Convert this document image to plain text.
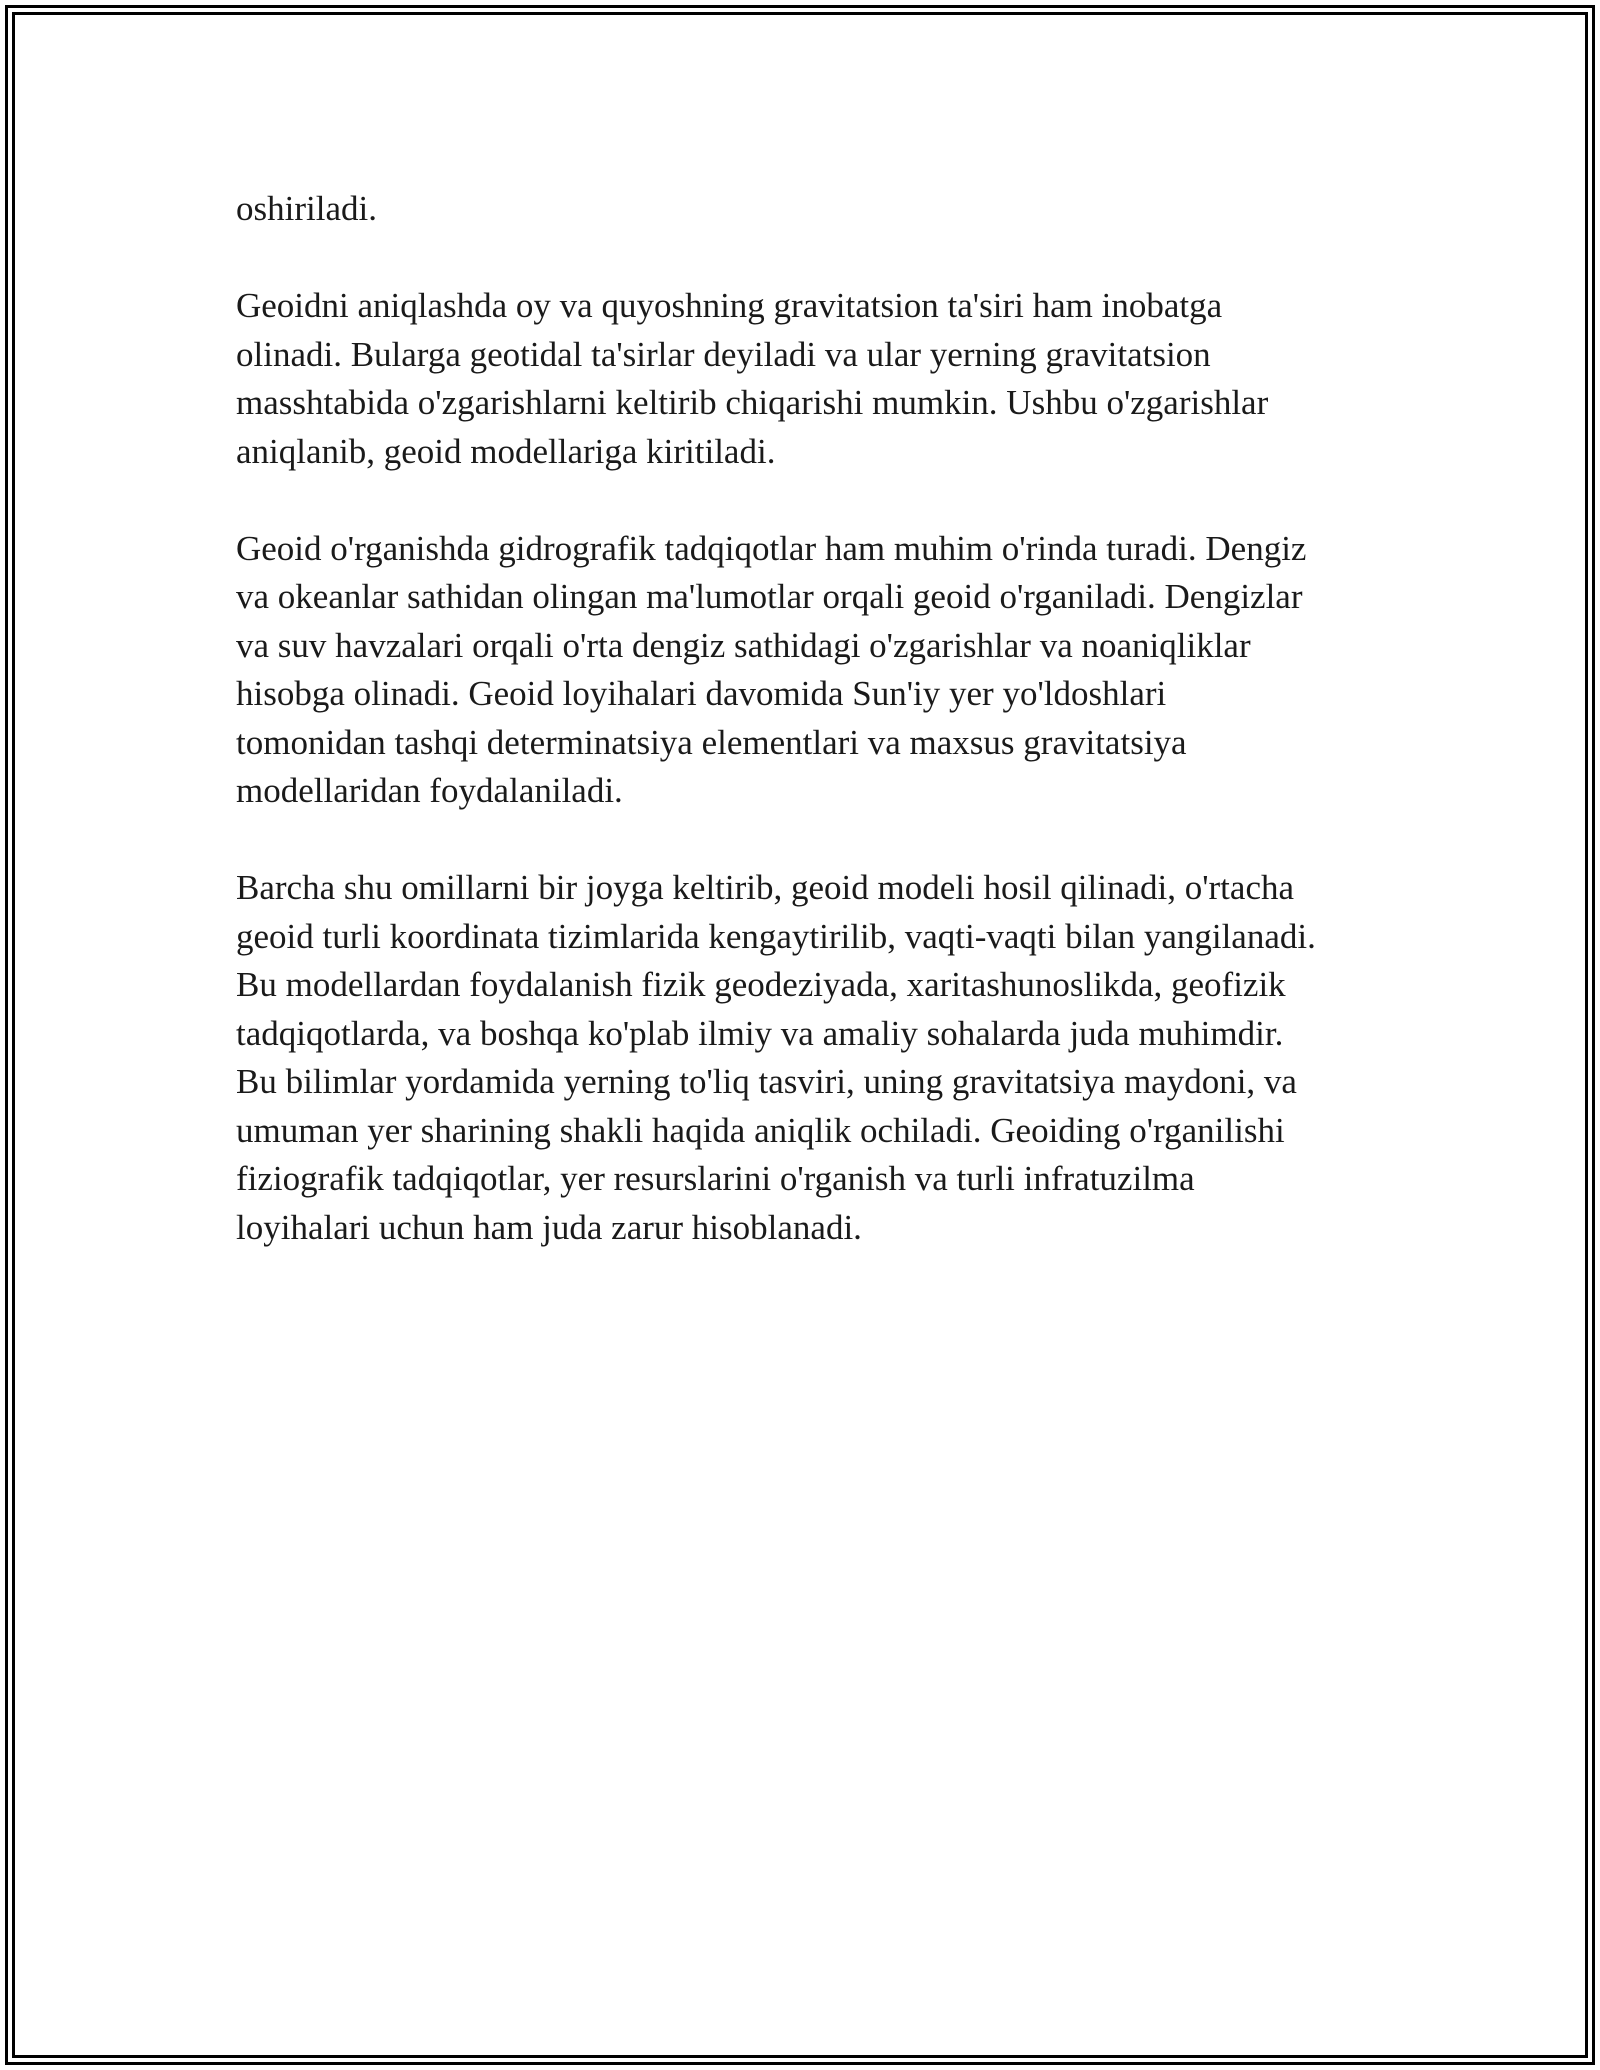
oshiriladi.

Geoidni aniqlashda oy va quyoshning gravitatsion ta'siri ham inobatga
olinadi. Bularga geotidal ta'sirlar deyiladi va ular yerning gravitatsion
masshtabida o'zgarishlarni keltirib chiqarishi mumkin. Ushbu o'zgarishlar
aniqlanib, geoid modellariga kiritiladi.

Geoid o'rganishda gidrografik tadqiqotlar ham muhim o'rinda turadi. Dengiz
va okeanlar sathidan olingan ma'lumotlar orqali geoid o'rganiladi. Dengizlar
va suv havzalari orqali o'rta dengiz sathidagi o'zgarishlar va noaniqliklar
hisobga olinadi. Geoid loyihalari davomida Sun'iy yer yo'ldoshlari
tomonidan tashqi determinatsiya elementlari va maxsus gravitatsiya
modellaridan foydalaniladi.

Barcha shu omillarni bir joyga keltirib, geoid modeli hosil qilinadi, o'rtacha
geoid turli koordinata tizimlarida kengaytirilib, vaqti-vaqti bilan yangilanadi.
Bu modellardan foydalanish fizik geodeziyada, xaritashunoslikda, geofizik
tadqiqotlarda, va boshqa ko'plab ilmiy va amaliy sohalarda juda muhimdir.
Bu bilimlar yordamida yerning to'liq tasviri, uning gravitatsiya maydoni, va
umuman yer sharining shakli haqida aniqlik ochiladi. Geoiding o'rganilishi
fiziografik tadqiqotlar, yer resurslarini o'rganish va turli infratuzilma
loyihalari uchun ham juda zarur hisoblanadi.
